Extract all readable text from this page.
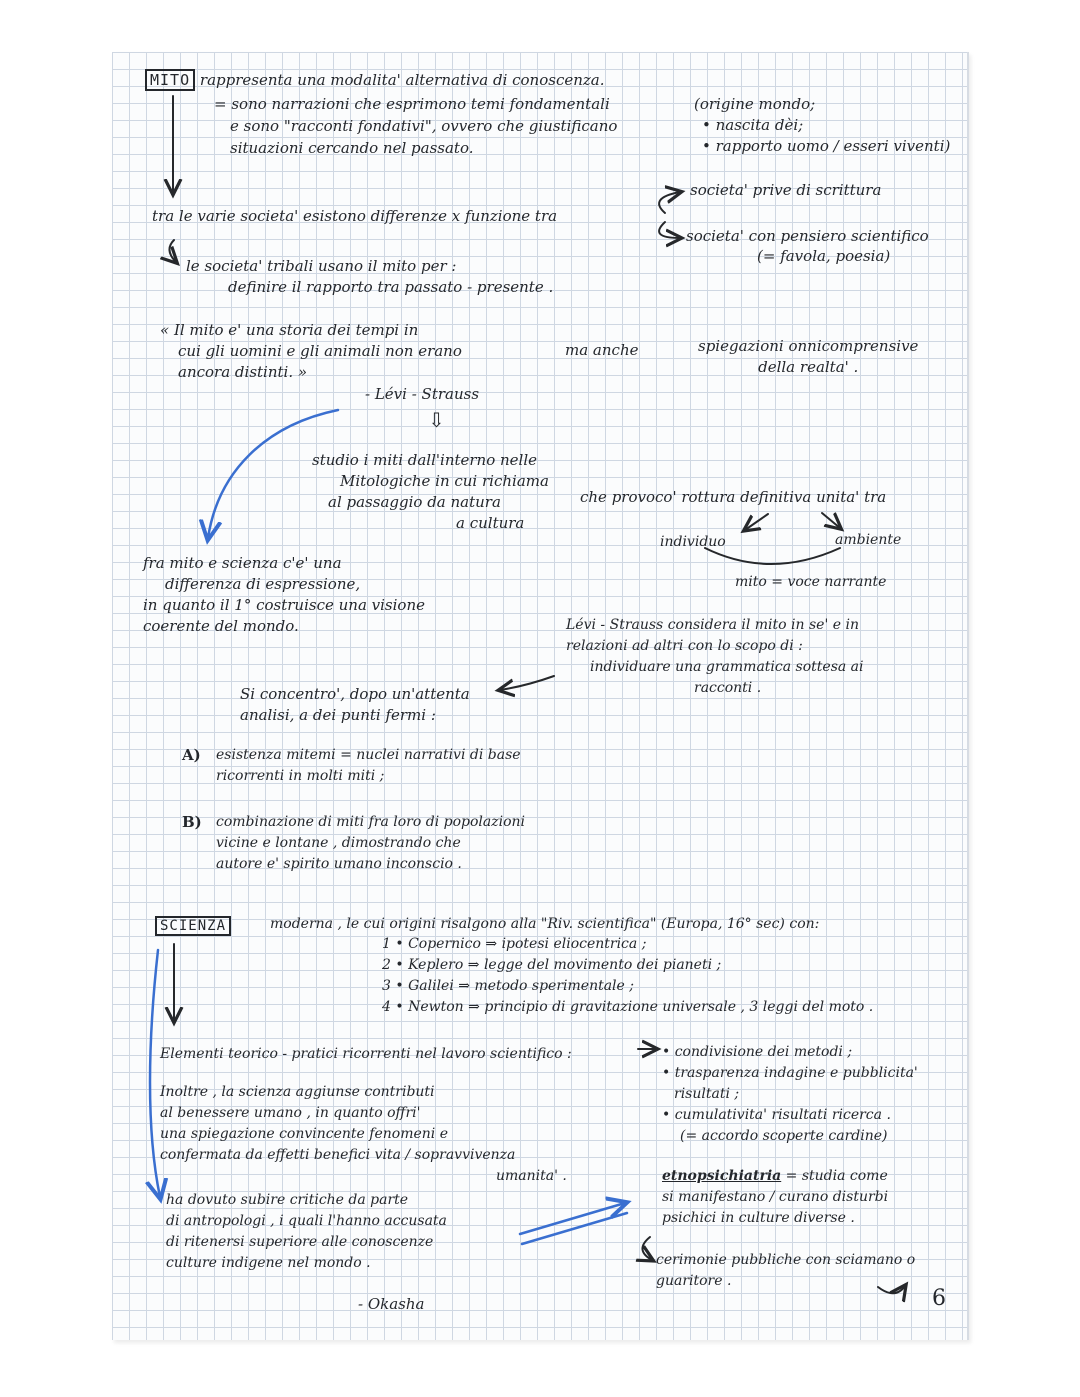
MITO rappresenta una modalita' alternativa di conoscenza.
= sono narrazioni che esprimono temi fondamentali
e sono "racconti fondativi", ovvero che giustificano
situazioni cercando nel passato.
(origine mondo;
• nascita dèi;
• rapporto uomo / esseri viventi)
societa' prive di scrittura
tra le varie societa' esistono differenze x funzione tra
societa' con pensiero scientifico
(= favola, poesia)
le societa' tribali usano il mito per :
definire il rapporto tra passato - presente .
« Il mito e' una storia dei tempi in
cui gli uomini e gli animali non erano
ancora distinti. »
ma anche	spiegazioni onnicomprensive
della realta' .
- Lévi - Strauss
⇩
studio i miti dall'interno nelle
Mitologiche in cui richiama
al passaggio da natura
a cultura
che provoco' rottura definitiva unita' tra
individuo	ambiente
mito = voce narrante
fra mito e scienza c'e' una
differenza di espressione,
in quanto il 1° costruisce una visione
coerente del mondo.	Lévi - Strauss considera il mito in se' e in
relazioni ad altri con lo scopo di :
individuare una grammatica sottesa ai
racconti .
Si concentro', dopo un'attenta
analisi, a dei punti fermi :
A) esistenza mitemi = nuclei narrativi di base
ricorrenti in molti miti ;
B) combinazione di miti fra loro di popolazioni
vicine e lontane , dimostrando che
autore e' spirito umano inconscio .
SCIENZA	moderna , le cui origini risalgono alla "Riv. scientifica" (Europa, 16° sec) con:
1 • Copernico ⇒ ipotesi eliocentrica ;
2 • Keplero ⇒ legge del movimento dei pianeti ;
3 • Galilei ⇒ metodo sperimentale ;
4 • Newton ⇒ principio di gravitazione universale , 3 leggi del moto .
Elementi teorico - pratici ricorrenti nel lavoro scientifico :	• condivisione dei metodi ;
• trasparenza indagine e pubblicita'
risultati ;
• cumulativita' risultati ricerca .
(= accordo scoperte cardine)
Inoltre , la scienza aggiunse contributi
al benessere umano , in quanto offri'
una spiegazione convincente fenomeni e
confermata da effetti benefici vita / sopravvivenza
umanita' .
ha dovuto subire critiche da parte
di antropologi , i quali l'hanno accusata
di ritenersi superiore alle conoscenze
culture indigene nel mondo .
- Okasha
etnopsichiatria = studia come
si manifestano / curano disturbi
psichici in culture diverse .
cerimonie pubbliche con sciamano o
guaritore .
6
